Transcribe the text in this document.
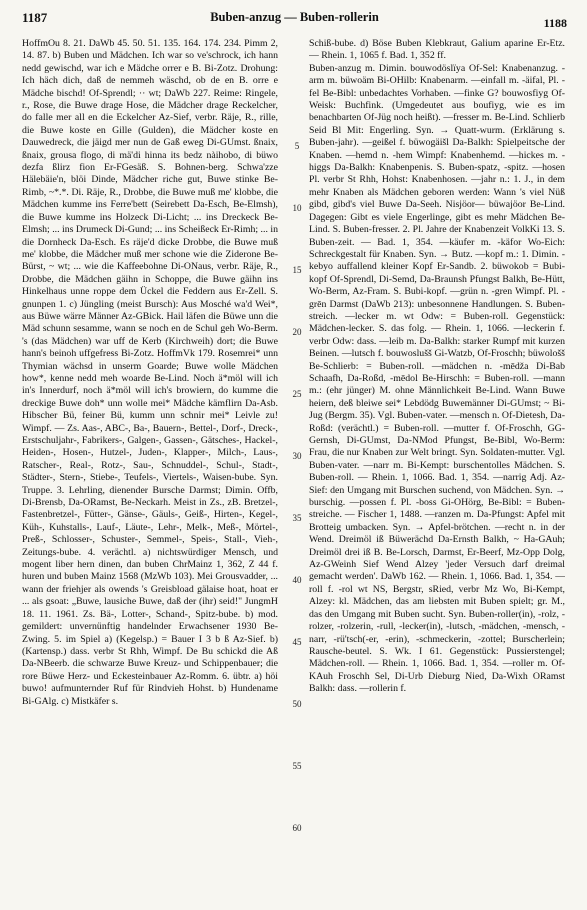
1187	Buben-anzug — Buben-rollerin	1188

HoffmOu 8. 21. DaWb 45. 50. 51. 135. 164. 174. 234. Pimm 2, 14. 87. b) Buben und Mädchen. Ich war so ve'schrock, ich hann nedd gewischd, war ich e Mädche orrer e B. Bi-Zotz. Drohung: Ich häch dich, daß de nemmeh wäschd, ob de en B. orre e Mädche bischd! Of-Sprendl; ·· wt; DaWb 227. Reime: Ringele, r., Rose, die Buwe drage Hose, die Mädcher drage Reckelcher, do falle mer all en die Eckelcher Az-Sief, verbr. Räje, R., rille, die Buwe koste en Gille (Gulden), die Mädcher koste en Dauwedreck, die jäigd mer nun de Gaß eweg Di-GUmst. ßnaix, ßnaix, grousa flogo, di mä'di hinna its bedz nàihobo, di büwo dezfa ßlirz fion Er-FGesäß. S. Bohnen-berg. Schwa'zze Hälebäie'n, blöi Dinde, Mädcher riche gut, Buwe stinke Be-Rimb, ~*.*. Di. Räje, R., Drobbe, die Buwe muß me' klobbe, die Mädchen kumme ins Ferre'bett (Seirebett Da-Esch, Be-Elmsh), die Buwe kumme ins Holzeck Di-Licht; ... ins Dreckeck Be-Elmsh; ... ins Drumeck Di-Gund; ... ins Scheißeck Er-Rimh; ... in die Dornheck Da-Esch. Es räje'd dicke Drobbe, die Buwe muß me' klobbe, die Mädcher muß mer schone wie die Ziderone Be-Bürst, ~ wt; ... wie die Kaffeebohne Di-ONaus, verbr. Räje, R., Drobbe, die Mädchen gäihn in Schoppe, die Buwe gäihn ins Hinkelhaus unne roppe dem Ückel die Feddern aus Er-Zell. S. gnunpen 1. c) Jüngling (meist Bursch): Aus Mosché wa'd Wei*, aus Büwe wärre Männer Az-GBick. Hail läfen die Büwe unn die Mäd schunn sesamme, wann se noch en de Schul geh Wo-Berm. 's (das Mädchen) war uff de Kerb (Kirchweih) dort; die Buwe hann's beinoh uffgefress Bi-Zotz. HoffmVk 179. Rosemrei* unn Thymian wächsd in unserm Goarde; Buwe wolle Mädchen how*, kenne nedd meh woarde Be-Lind. Noch ä*möl will ich in's Innerdurf, noch ä*möl will ich's browiern, do kumme die dreckige Buwe doh* unn wolle mei* Mädche kämflirn Da-Asb. Hibscher Bü, feiner Bü, kumm unn schnir mei* Leivle zu! Wimpf. — Zs. Aas-, ABC-, Ba-, Bauern-, Bettel-, Dorf-, Dreck-, Erstschuljahr-, Fabrikers-, Galgen-, Gassen-, Gätsches-, Hackel-, Heiden-, Hosen-, Hutzel-, Juden-, Klapper-, Milch-, Laus-, Ratscher-, Real-, Rotz-, Sau-, Schnuddel-, Schul-, Stadt-, Städter-, Stern-, Stiebe-, Teufels-, Viertels-, Waisen-bube. Syn. Truppe. 3. Lehrling, dienender Bursche Darmst; Dimin. Offb, Di-Brensb, Da-ORamst, Be-Neckarh. Meist in Zs., zB. Bretzel-, Fastenbretzel-, Fütter-, Gänse-, Gäuls-, Geiß-, Hirten-, Kegel-, Küh-, Kuhstalls-, Lauf-, Läute-, Lehr-, Melk-, Meß-, Mörtel-, Preß-, Schlosser-, Schuster-, Semmel-, Speis-, Stall-, Vieh-, Zeitungs-bube. 4. verächtl. a) nichtswürdiger Mensch, und mogent liber hern dinen, dan buben ChrMainz 1, 362, Z 44 f. huren und buben Mainz 1568 (MzWb 103). Mei Grousvadder, ... wann der friehjer als owends 's Greisbload gälaise hoat, hoat er ... als gsoat: „Buwe, lausiche Buwe, daß der (ihr) seid!" JungmH 18. 11. 1961. Zs. Bä-, Lotter-, Schand-, Spitz-bube. b) mod. gemildert: unvernünftig handelnder Erwachsener 1930 Be-Zwing. 5. im Spiel a) (Kegelsp.) = Bauer I 3 b ß Az-Sief. b) (Kartensp.) dass. verbr St Rhh, Wimpf. De Bu schickd die Aß Da-NBeerb. die schwarze Buwe Kreuz- und Schippenbauer; die rore Büwe Herz- und Eckesteinbauer Az-Romm. 6. übtr. a) höi buwo! aufmunternder Ruf für Rindvieh Hohst. b) Hundename Bi-GAlg. c) Mistkäfer s.

5
10
15
20
25
30
35
40
45
50
55
60

Schiß-bube. d) Böse Buben Klebkraut, Galium aparine Er-Etz. — Rhein. 1, 1065 f. Bad. 1, 352 ff.

Buben-anzug m. Dimin. bouwodöslïya Of-Sel: Knabenanzug. -arm m. büwoäm Bi-OHilb: Knabenarm. —einfall m. -äifal, Pl. -fel Be-Bibl: unbedachtes Vorhaben. —finke G? bouwosfiyg Of-Weisk: Buchfink. (Umgedeutet aus boufiyg, wie es im benachbarten Of-Jüg noch heißt). —fresser m. Be-Lind. Schlierb Seid Bl Mit: Engerling. Syn. → Quatt-wurm. (Erklärung s. Buben-jahr). —geißel f. büwogäišl Da-Balkh: Spielpeitsche der Knaben. —hemd n. -hem Wimpf: Knabenhemd. —hickes m. -higgs Da-Balkh: Knabenpenis. S. Buben-spatz, -spitz. —hosen Pl. verbr St Rhh, Hohst: Knabenhosen. —jahr n.: 1. J., in dem mehr Knaben als Mädchen geboren werden: Wann 's viel Nüß gibd, gibd's viel Buwe Da-Seeh. Nisjöor— büwajöor Be-Lind. Dagegen: Gibt es viele Engerlinge, gibt es mehr Mädchen Be-Lind. S. Buben-fresser. 2. Pl. Jahre der Knabenzeit VolkKi 13. S. Buben-zeit. — Bad. 1, 354. —käufer m. -käfor Wo-Eich: Schreckgestalt für Knaben. Syn. → Butz. —kopf m.: 1. Dimin. -kebyo auffallend kleiner Kopf Er-Sandb. 2. büwokob = Bubi-kopf Of-Sprendl, Di-Semd, Da-Braunsh Pfungst Balkh, Be-Hütt, Wo-Berm, Az-Fram. S. Bubi-kopf. —grün n. -gren Wimpf. Pl. -grēn Darmst (DaWb 213): unbesonnene Handlungen. S. Buben-streich. —lecker m. wt Odw: = Buben-roll. Gegenstück: Mädchen-lecker. S. das folg. — Rhein. 1, 1066. —leckerin f. verbr Odw: dass. —leib m. Da-Balkh: starker Rumpf mit kurzen Beinen. —lutsch f. bouwoslušš Gi-Watzb, Of-Froschh; büwološš Be-Schlierb: = Buben-roll. —mädchen n. -mēdža Di-Bab Schaafh, Da-Roßd, -mēdol Be-Hirschh: = Buben-roll. —mann m.: (ehr jünger) M. ohne Männlichkeit Be-Lind. Wann Buwe heiern, deß bleiwe sei* Lebdödg Buwemänner Di-GUmst; ~ Bi-Jug (Bergm. 35). Vgl. Buben-vater. —mensch n. Of-Dietesh, Da-Roßd: (verächtl.) = Buben-roll. —mutter f. Of-Froschh, GG-Gernsh, Di-GUmst, Da-NMod Pfungst, Be-Bibl, Wo-Berm: Frau, die nur Knaben zur Welt bringt. Syn. Soldaten-mutter. Vgl. Buben-vater. —narr m. Bi-Kempt: burschentolles Mädchen. S. Buben-roll. — Rhein. 1, 1066. Bad. 1, 354. —narrig Adj. Az-Sief: den Umgang mit Burschen suchend, von Mädchen. Syn. → burschig. —possen f. Pl. -boss Gi-OHörg, Be-Bibl: = Buben-streiche. — Fischer 1, 1488. —ranzen m. Da-Pfungst: Apfel mit Brotteig umbacken. Syn. → Apfel-brötchen. —recht n. in der Wend. Dreimöl iß Büwerächd Da-Ernsth Balkh, ~ Ha-GAuh; Dreimöl drei iß B. Be-Lorsch, Darmst, Er-Beerf, Mz-Opp Dolg, Az-GWeinh Sief Wend Alzey 'jeder Versuch darf dreimal gemacht werden'. DaWb 162. — Rhein. 1, 1066. Bad. 1, 354. —roll f. -rol wt NS, Bergstr, sRied, verbr Mz Wo, Bi-Kempt, Alzey: kl. Mädchen, das am liebsten mit Buben spielt; gr. M., das den Umgang mit Buben sucht. Syn. Buben-roller(in), -rolz, -rolzer, -rolzerin, -rull, -lecker(in), -lutsch, -mädchen, -mensch, -narr, -rü'tsch(-er, -erin), -schmeckerin, -zottel; Burscherlein; Rausche-beutel. S. Wk. I 61. Gegenstück: Pussierstengel; Mädchen-roll. — Rhein. 1, 1066. Bad. 1, 354. —roller m. Of-KAuh Froschh Sel, Di-Urb Dieburg Nied, Da-Wixh ORamst Balkh: dass. —rollerin f.
